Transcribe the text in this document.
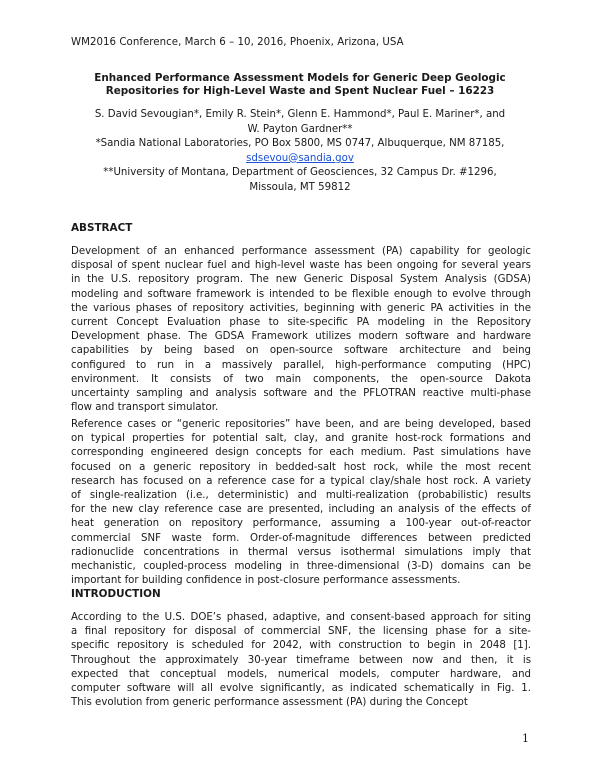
WM2016 Conference, March 6 – 10, 2016, Phoenix, Arizona, USA
Enhanced Performance Assessment Models for Generic Deep Geologic
Repositories for High-Level Waste and Spent Nuclear Fuel – 16223
S. David Sevougian*, Emily R. Stein*, Glenn E. Hammond*, Paul E. Mariner*, and
W. Payton Gardner**
*Sandia National Laboratories, PO Box 5800, MS 0747, Albuquerque, NM 87185,
sdsevou@sandia.gov
**University of Montana, Department of Geosciences, 32 Campus Dr. #1296,
Missoula, MT 59812
ABSTRACT
Development of an enhanced performance assessment (PA) capability for geologic
disposal of spent nuclear fuel and high-level waste has been ongoing for several years
in the U.S. repository program. The new Generic Disposal System Analysis (GDSA)
modeling and software framework is intended to be flexible enough to evolve through
the various phases of repository activities, beginning with generic PA activities in the
current Concept Evaluation phase to site-specific PA modeling in the Repository
Development phase. The GDSA Framework utilizes modern software and hardware
capabilities by being based on open-source software architecture and being
configured to run in a massively parallel, high-performance computing (HPC)
environment. It consists of two main components, the open-source Dakota
uncertainty sampling and analysis software and the PFLOTRAN reactive multi-phase
flow and transport simulator.
Reference cases or “generic repositories” have been, and are being developed, based
on typical properties for potential salt, clay, and granite host-rock formations and
corresponding engineered design concepts for each medium. Past simulations have
focused on a generic repository in bedded-salt host rock, while the most recent
research has focused on a reference case for a typical clay/shale host rock. A variety
of single-realization (i.e., deterministic) and multi-realization (probabilistic) results
for the new clay reference case are presented, including an analysis of the effects of
heat generation on repository performance, assuming a 100-year out-of-reactor
commercial SNF waste form. Order-of-magnitude differences between predicted
radionuclide concentrations in thermal versus isothermal simulations imply that
mechanistic, coupled-process modeling in three-dimensional (3-D) domains can be
important for building confidence in post-closure performance assessments.
INTRODUCTION
According to the U.S. DOE’s phased, adaptive, and consent-based approach for siting
a final repository for disposal of commercial SNF, the licensing phase for a site-
specific repository is scheduled for 2042, with construction to begin in 2048 [1].
Throughout the approximately 30-year timeframe between now and then, it is
expected that conceptual models, numerical models, computer hardware, and
computer software will all evolve significantly, as indicated schematically in Fig. 1.
This evolution from generic performance assessment (PA) during the Concept
1
